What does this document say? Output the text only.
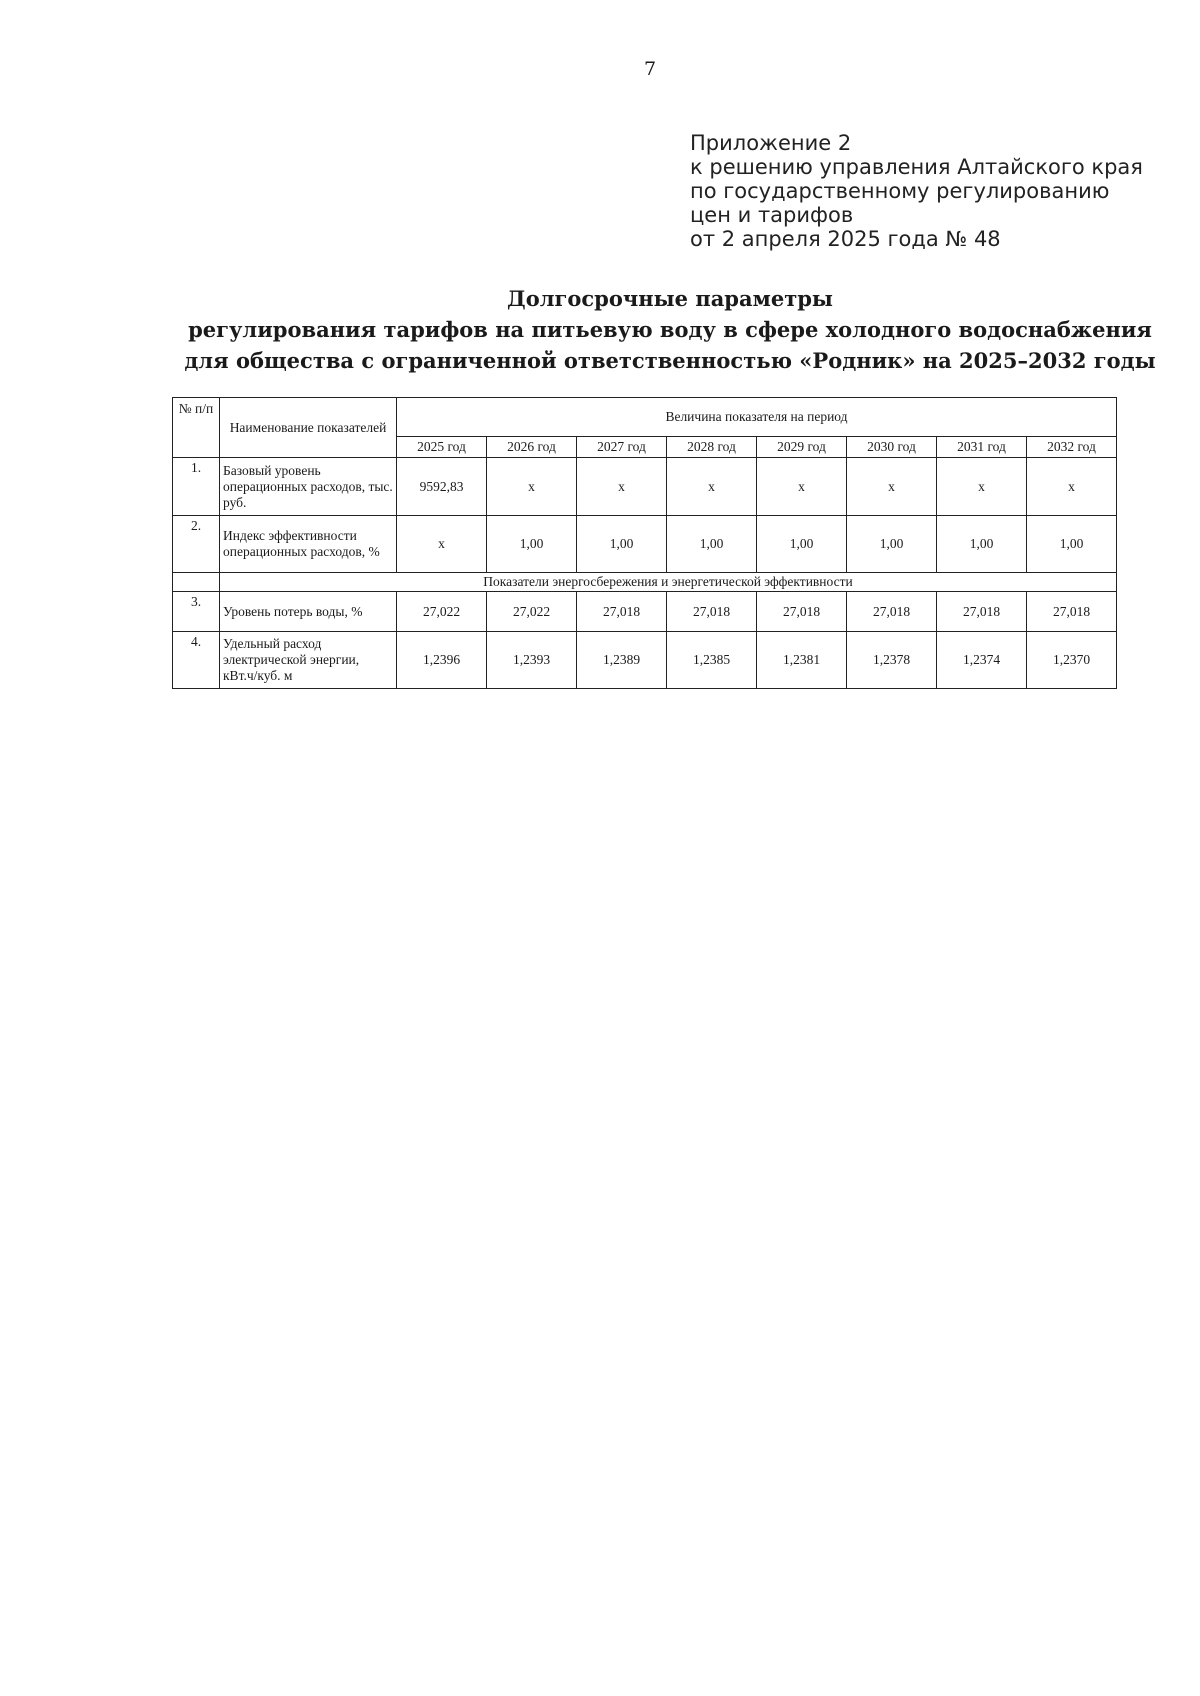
7
Приложение 2
к решению управления Алтайского края
по государственному регулированию
цен и тарифов
от 2 апреля 2025 года № 48
Долгосрочные параметры
регулирования тарифов на питьевую воду в сфере холодного водоснабжения
для общества с ограниченной ответственностью «Родник» на 2025–2032 годы
№ п/п	Наименование показателей	Величина показателя на период							
		2025 год	2026 год	2027 год	2028 год	2029 год	2030 год	2031 год	2032 год
1.	Базовый уровень операционных расходов, тыс. руб.	9592,83	x	x	x	x	x	x	x
2.	Индекс эффективности операционных расходов, %	x	1,00	1,00	1,00	1,00	1,00	1,00	1,00
	Показатели энергосбережения и энергетической эффективности								
3.	Уровень потерь воды, %	27,022	27,022	27,018	27,018	27,018	27,018	27,018	27,018
4.	Удельный расход электрической энергии, кВт.ч/куб. м	1,2396	1,2393	1,2389	1,2385	1,2381	1,2378	1,2374	1,2370
